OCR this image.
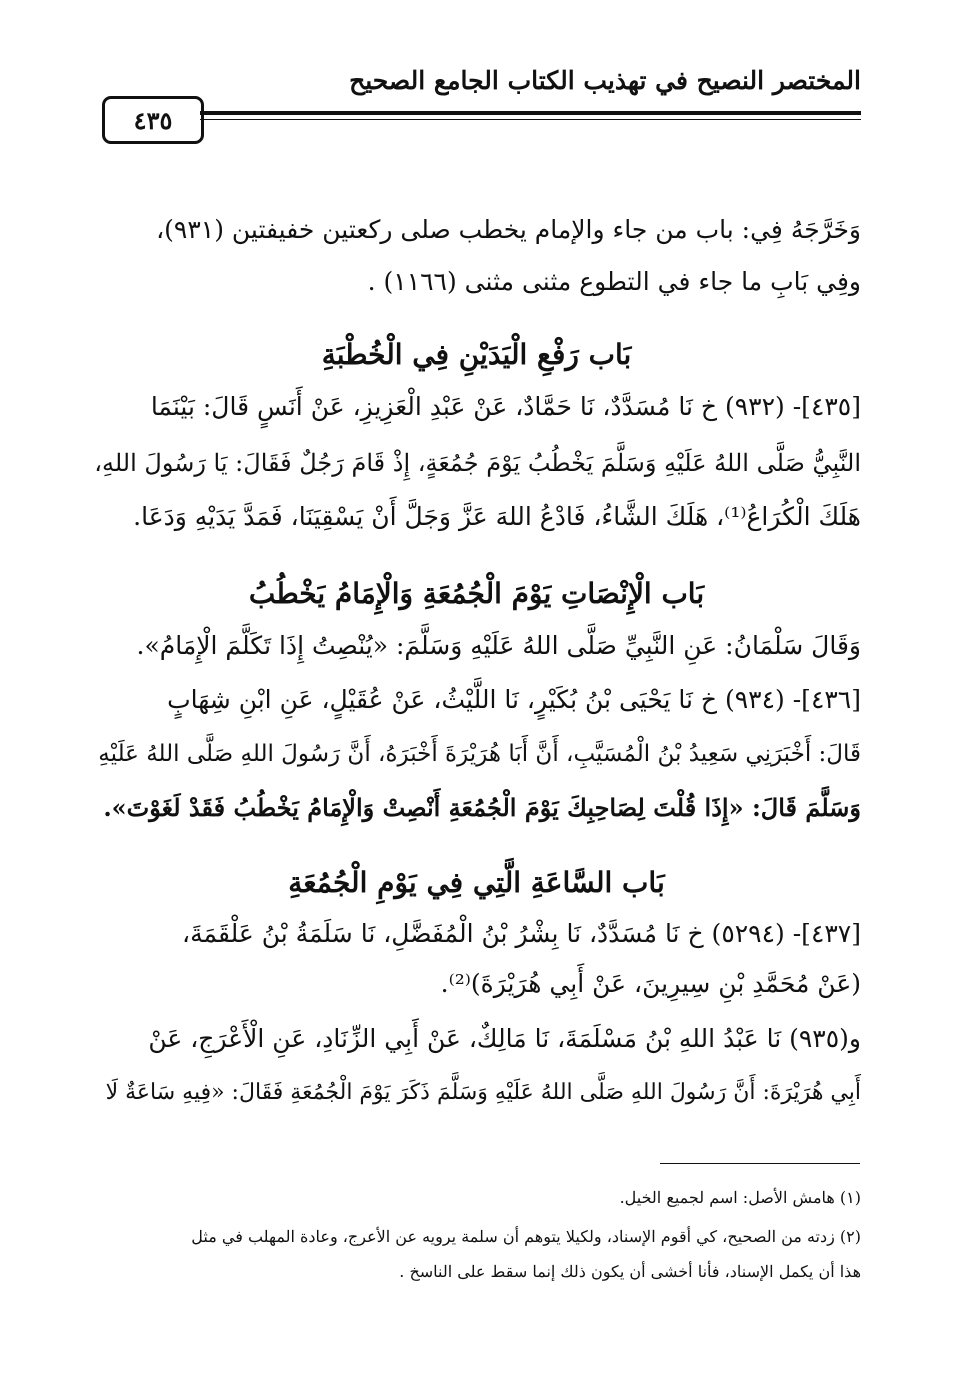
المختصر النصيح في تهذيب الكتاب الجامع الصحيح
٤٣٥
وَخَرَّجَهُ فِي: باب من جاء والإمام يخطب صلى ركعتين خفيفتين (٩٣١)،
وفِي بَابِ ما جاء في التطوع مثنى مثنى (١١٦٦) .
بَاب رَفْعِ الْيَدَيْنِ فِي الْخُطْبَةِ
[٤٣٥]- (٩٣٢) خ نَا مُسَدَّدٌ، نَا حَمَّادٌ، عَنْ عَبْدِ الْعَزِيزِ، عَنْ أَنَسٍ قَالَ: بَيْنَمَا
النَّبِيُّ صَلَّى اللهُ عَلَيْهِ وَسَلَّمَ يَخْطُبُ يَوْمَ جُمُعَةٍ، إِذْ قَامَ رَجُلٌ فَقَالَ: يَا رَسُولَ اللهِ،
هَلَكَ الْكُرَاعُ⁽¹⁾، هَلَكَ الشَّاءُ، فَادْعُ اللهَ عَزَّ وَجَلَّ أَنْ يَسْقِيَنَا، فَمَدَّ يَدَيْهِ وَدَعَا.
بَاب الْإِنْصَاتِ يَوْمَ الْجُمُعَةِ وَالْإِمَامُ يَخْطُبُ
وَقَالَ سَلْمَانُ: عَنِ النَّبِيِّ صَلَّى اللهُ عَلَيْهِ وَسَلَّمَ: «يُنْصِتُ إِذَا تَكَلَّمَ الْإِمَامُ».
[٤٣٦]- (٩٣٤) خ نَا يَحْيَى بْنُ بُكَيْرٍ، نَا اللَّيْثُ، عَنْ عُقَيْلٍ، عَنِ ابْنِ شِهَابٍ
قَالَ: أَخْبَرَنِي سَعِيدُ بْنُ الْمُسَيَّبِ، أَنَّ أَبَا هُرَيْرَةَ أَخْبَرَهُ، أَنَّ رَسُولَ اللهِ صَلَّى اللهُ عَلَيْهِ
وَسَلَّمَ قَالَ: «إِذَا قُلْتَ لِصَاحِبِكَ يَوْمَ الْجُمُعَةِ أَنْصِتْ وَالْإِمَامُ يَخْطُبُ فَقَدْ لَغَوْتَ».
بَاب السَّاعَةِ الَّتِي فِي يَوْمِ الْجُمُعَةِ
[٤٣٧]- (٥٢٩٤) خ نَا مُسَدَّدٌ، نَا بِشْرُ بْنُ الْمُفَضَّلِ، نَا سَلَمَةُ بْنُ عَلْقَمَةَ،
(عَنْ مُحَمَّدِ بْنِ سِيرِينَ، عَنْ أَبِي هُرَيْرَةَ)⁽²⁾.
و(٩٣٥) نَا عَبْدُ اللهِ بْنُ مَسْلَمَةَ، نَا مَالِكٌ، عَنْ أَبِي الزِّنَادِ، عَنِ الْأَعْرَجِ، عَنْ
أَبِي هُرَيْرَةَ: أَنَّ رَسُولَ اللهِ صَلَّى اللهُ عَلَيْهِ وَسَلَّمَ ذَكَرَ يَوْمَ الْجُمُعَةِ فَقَالَ: «فِيهِ سَاعَةٌ لَا
(١) هامش الأصل: اسم لجميع الخيل.
(٢) زدته من الصحيح، كي أقوم الإسناد، ولكيلا يتوهم أن سلمة يرويه عن الأعرج، وعادة المهلب في مثل
هذا أن يكمل الإسناد، فأنا أخشى أن يكون ذلك إنما سقط على الناسخ .
